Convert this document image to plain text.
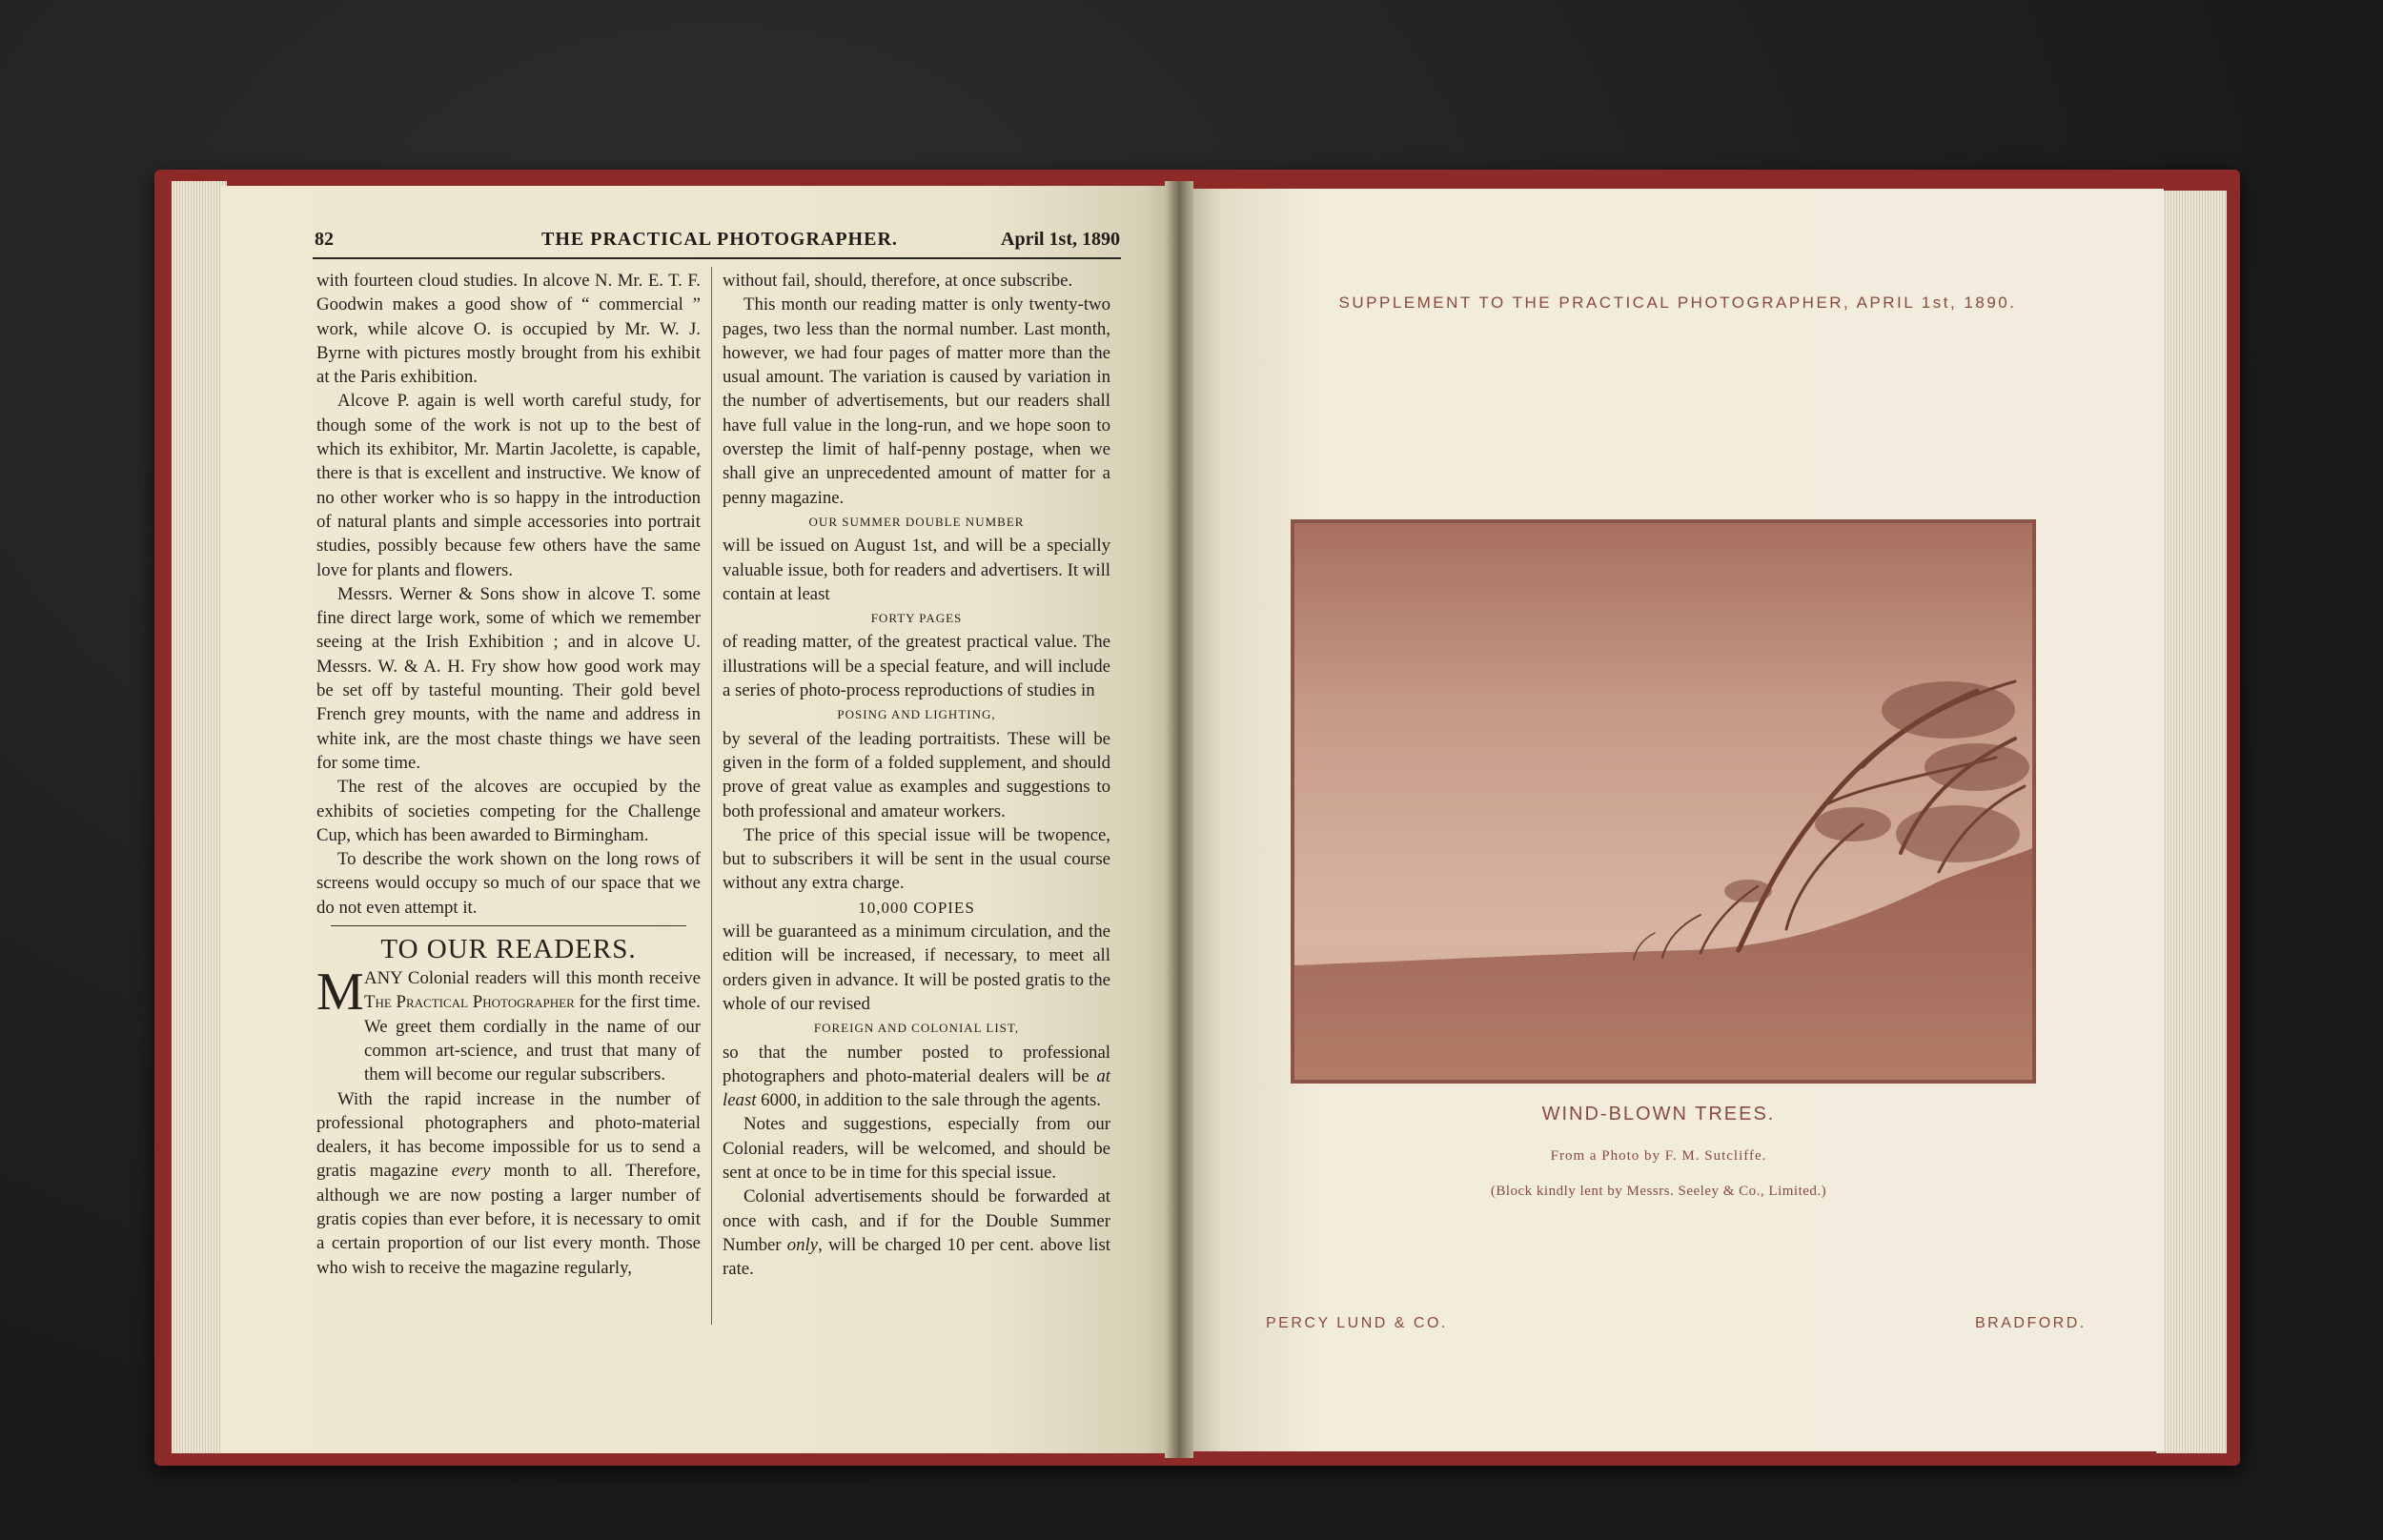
82	THE PRACTICAL PHOTOGRAPHER.	April 1st, 1890

with fourteen cloud studies. In alcove N. Mr. E. T. F. Goodwin makes a good show of “ commercial ” work, while alcove O. is occupied by Mr. W. J. Byrne with pictures mostly brought from his exhibit at the Paris exhibition.

Alcove P. again is well worth careful study, for though some of the work is not up to the best of which its exhibitor, Mr. Martin Jacolette, is capable, there is that is excellent and instructive. We know of no other worker who is so happy in the introduction of natural plants and simple accessories into portrait studies, possibly because few others have the same love for plants and flowers.

Messrs. Werner & Sons show in alcove T. some fine direct large work, some of which we remember seeing at the Irish Exhibition ; and in alcove U. Messrs. W. & A. H. Fry show how good work may be set off by tasteful mounting. Their gold bevel French grey mounts, with the name and address in white ink, are the most chaste things we have seen for some time.

The rest of the alcoves are occupied by the exhibits of societies competing for the Challenge Cup, which has been awarded to Birmingham.

To describe the work shown on the long rows of screens would occupy so much of our space that we do not even attempt it.

TO OUR READERS.
M ANY Colonial readers will this month receive The Practical Photographer for the first time. We greet them cordially in the name of our common art-science, and trust that many of them will become our regular subscribers.

With the rapid increase in the number of professional photographers and photo-material dealers, it has become impossible for us to send a gratis magazine every month to all. Therefore, although we are now posting a larger number of gratis copies than ever before, it is necessary to omit a certain proportion of our list every month. Those who wish to receive the magazine regularly,

without fail, should, therefore, at once subscribe.

This month our reading matter is only twenty-two pages, two less than the normal number. Last month, however, we had four pages of matter more than the usual amount. The variation is caused by variation in the number of advertisements, but our readers shall have full value in the long-run, and we hope soon to overstep the limit of half-penny postage, when we shall give an unprecedented amount of matter for a penny magazine.

OUR SUMMER DOUBLE NUMBER

will be issued on August 1st, and will be a specially valuable issue, both for readers and advertisers. It will contain at least

FORTY PAGES

of reading matter, of the greatest practical value. The illustrations will be a special feature, and will include a series of photo-process reproductions of studies in

POSING AND LIGHTING,

by several of the leading portraitists. These will be given in the form of a folded supplement, and should prove of great value as examples and suggestions to both professional and amateur workers.

The price of this special issue will be twopence, but to subscribers it will be sent in the usual course without any extra charge.

10,000 COPIES

will be guaranteed as a minimum circulation, and the edition will be increased, if necessary, to meet all orders given in advance. It will be posted gratis to the whole of our revised

FOREIGN AND COLONIAL LIST,

so that the number posted to professional photographers and photo-material dealers will be at least 6000, in addition to the sale through the agents.

Notes and suggestions, especially from our Colonial readers, will be welcomed, and should be sent at once to be in time for this special issue.

Colonial advertisements should be forwarded at once with cash, and if for the Double Summer Number only, will be charged 10 per cent. above list rate.

SUPPLEMENT TO THE PRACTICAL PHOTOGRAPHER, APRIL 1st, 1890.
WIND-BLOWN TREES.
From a Photo by F. M. Sutcliffe.
(Block kindly lent by Messrs. Seeley & Co., Limited.)
PERCY LUND & CO.	BRADFORD.
